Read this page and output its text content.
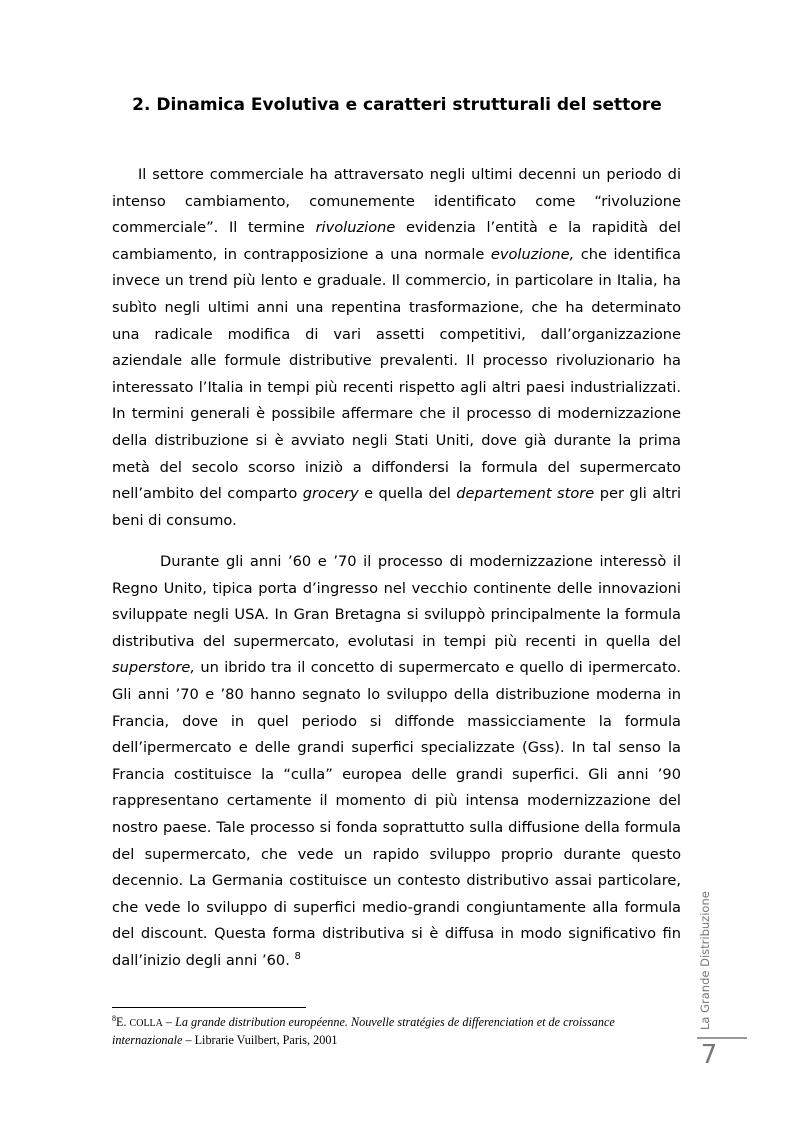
2. Dinamica Evolutiva e caratteri strutturali del settore

Il settore commerciale ha attraversato negli ultimi decenni un periodo di intenso cambiamento, comunemente identificato come “rivoluzione commerciale”. Il termine rivoluzione evidenzia l’entità e la rapidità del cambiamento, in contrapposizione a una normale evoluzione, che identifica invece un trend più lento e graduale. Il commercio, in particolare in Italia, ha subìto negli ultimi anni una repentina trasformazione, che ha determinato una radicale modifica di vari assetti competitivi, dall’organizzazione aziendale alle formule distributive prevalenti. Il processo rivoluzionario ha interessato l’Italia in tempi più recenti rispetto agli altri paesi industrializzati. In termini generali è possibile affermare che il processo di modernizzazione della distribuzione si è avviato negli Stati Uniti, dove già durante la prima metà del secolo scorso iniziò a diffondersi la formula del supermercato nell’ambito del comparto grocery e quella del departement store per gli altri beni di consumo.

Durante gli anni ’60 e ’70 il processo di modernizzazione interessò il Regno Unito, tipica porta d’ingresso nel vecchio continente delle innovazioni sviluppate negli USA. In Gran Bretagna si sviluppò principalmente la formula distributiva del supermercato, evolutasi in tempi più recenti in quella del superstore, un ibrido tra il concetto di supermercato e quello di ipermercato. Gli anni ’70 e ’80 hanno segnato lo sviluppo della distribuzione moderna in Francia, dove in quel periodo si diffonde massicciamente la formula dell’ipermercato e delle grandi superfici specializzate (Gss). In tal senso la Francia costituisce la “culla” europea delle grandi superfici. Gli anni ’90 rappresentano certamente il momento di più intensa modernizzazione del nostro paese. Tale processo si fonda soprattutto sulla diffusione della formula del supermercato, che vede un rapido sviluppo proprio durante questo decennio. La Germania costituisce un contesto distributivo assai particolare, che vede lo sviluppo di superfici medio-grandi congiuntamente alla formula del discount. Questa forma distributiva si è diffusa in modo significativo fin dall’inizio degli anni ’60. $^8$

$^8$E. COLLA – La grande distribution européenne. Nouvelle stratégies de differenciation et de croissance internazionale – Librarie Vuilbert, Paris, 2001
La Grande Distribuzione
7
